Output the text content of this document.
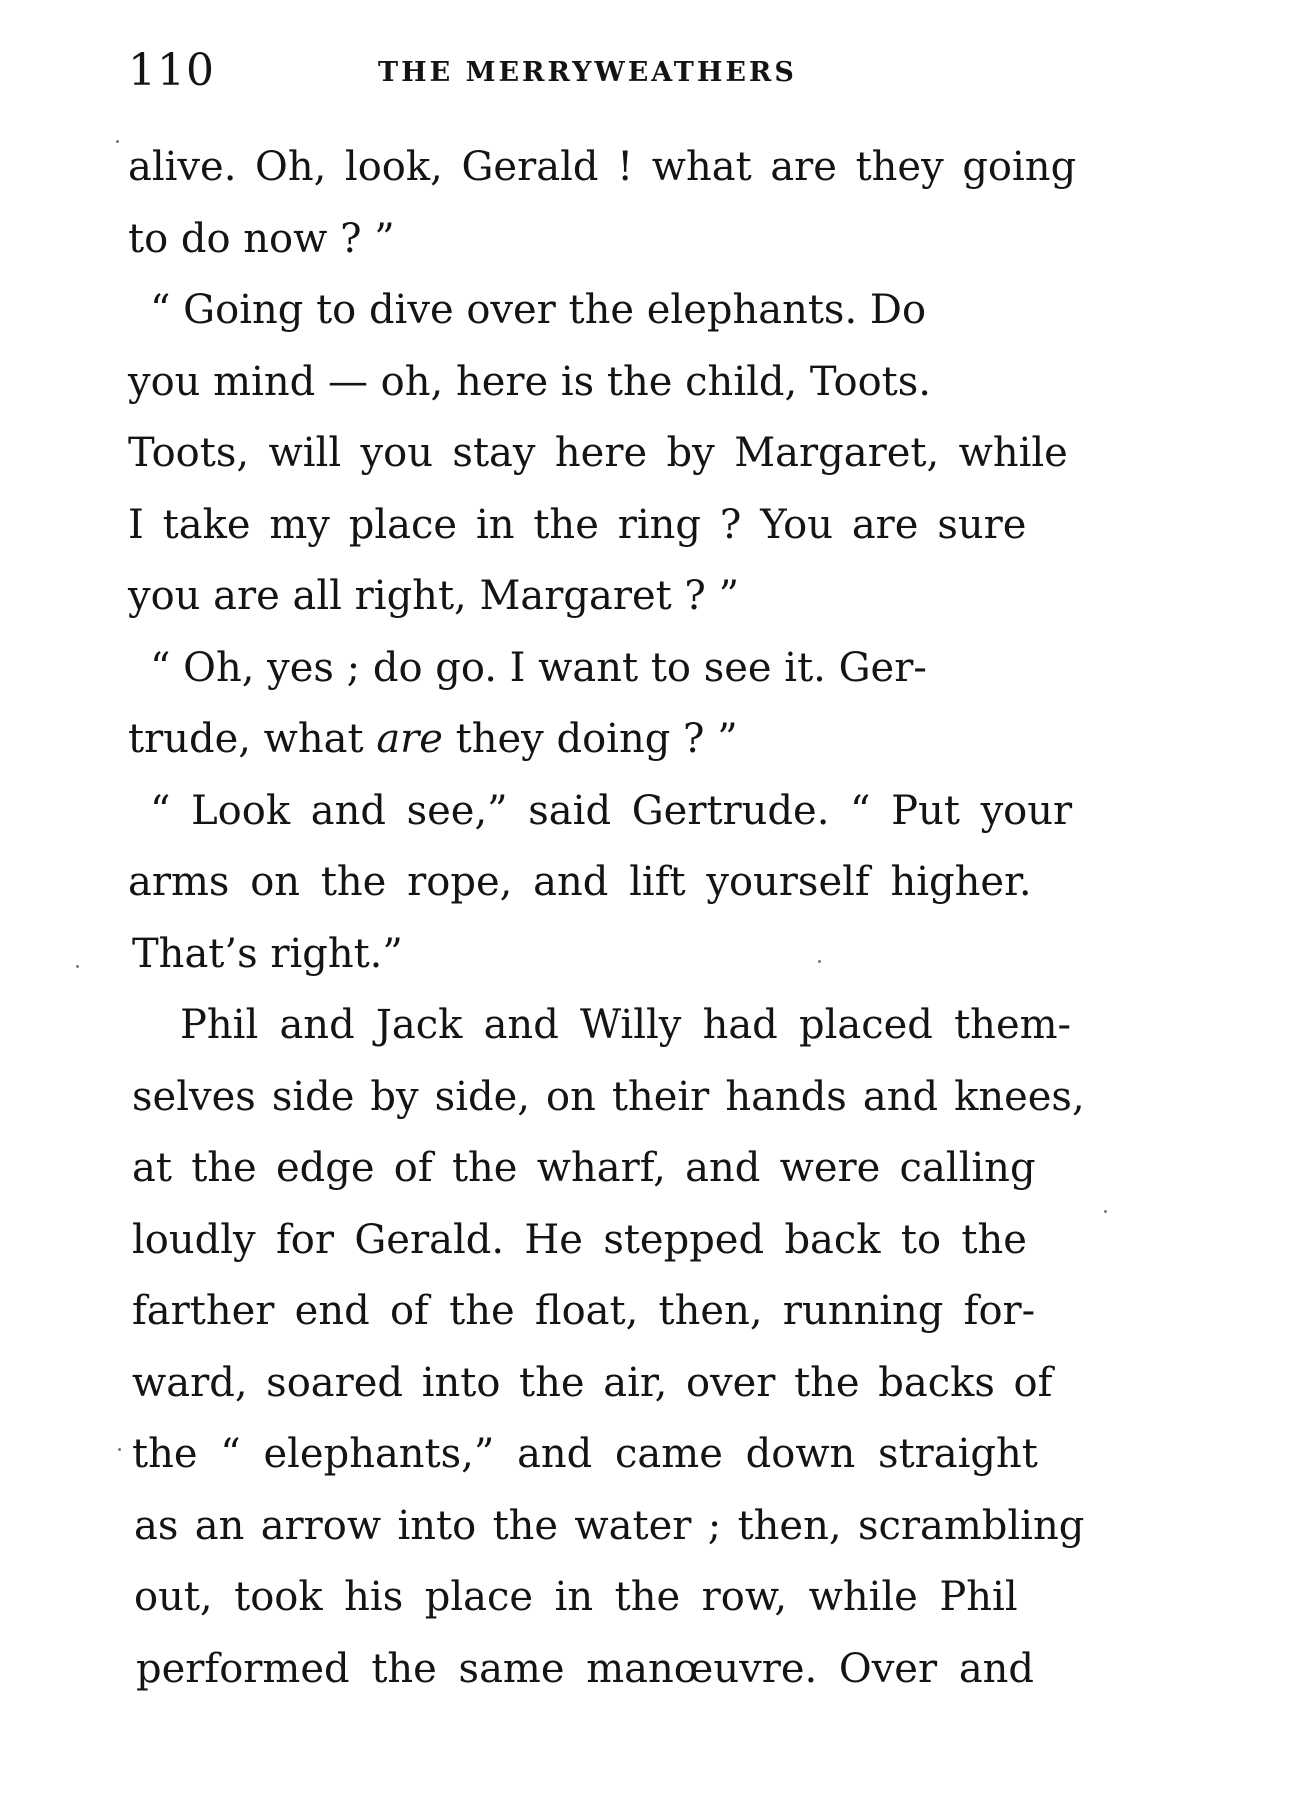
110	THE MERRYWEATHERS
alive. Oh, look, Gerald ! what are they going
to do now ? ”
“ Going to dive over the elephants. Do
you mind — oh, here is the child, Toots.
Toots, will you stay here by Margaret, while
I take my place in the ring ? You are sure
you are all right, Margaret ? ”
“ Oh, yes ; do go. I want to see it. Ger-
trude, what are they doing ? ”
“ Look and see,” said Gertrude. “ Put your
arms on the rope, and lift yourself higher.
That’s right.”
Phil and Jack and Willy had placed them-
selves side by side, on their hands and knees,
at the edge of the wharf, and were calling
loudly for Gerald. He stepped back to the
farther end of the float, then, running for-
ward, soared into the air, over the backs of
the “ elephants,” and came down straight
as an arrow into the water ; then, scrambling
out, took his place in the row, while Phil
performed the same manœuvre. Over and
